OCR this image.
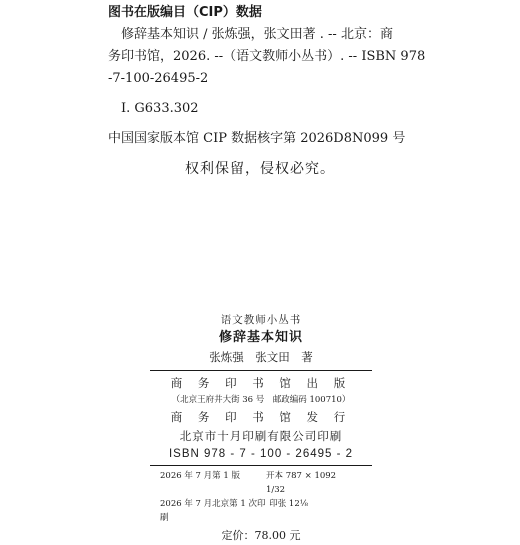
图书在版编目（CIP）数据
修辞基本知识 / 张炼强，张文田著 . -- 北京：商
务印书馆，2026. --（语文教师小丛书）. -- ISBN 978
-7-100-26495-2
I. G633.302
中国国家版本馆 CIP 数据核字第 2026D8N099 号
权利保留，侵权必究。
语文教师小丛书
修辞基本知识
张炼强　张文田　著
商 务 印 书 馆 出 版
（北京王府井大街 36 号　邮政编码 100710）
商 务 印 书 馆 发 行
北京市十月印刷有限公司印刷
ISBN 978 - 7 - 100 - 26495 - 2
2026 年 7 月第 1 版	开本 787 × 1092　1/32
2026 年 7 月北京第 1 次印刷
印张 12⅛
定价：78.00 元
